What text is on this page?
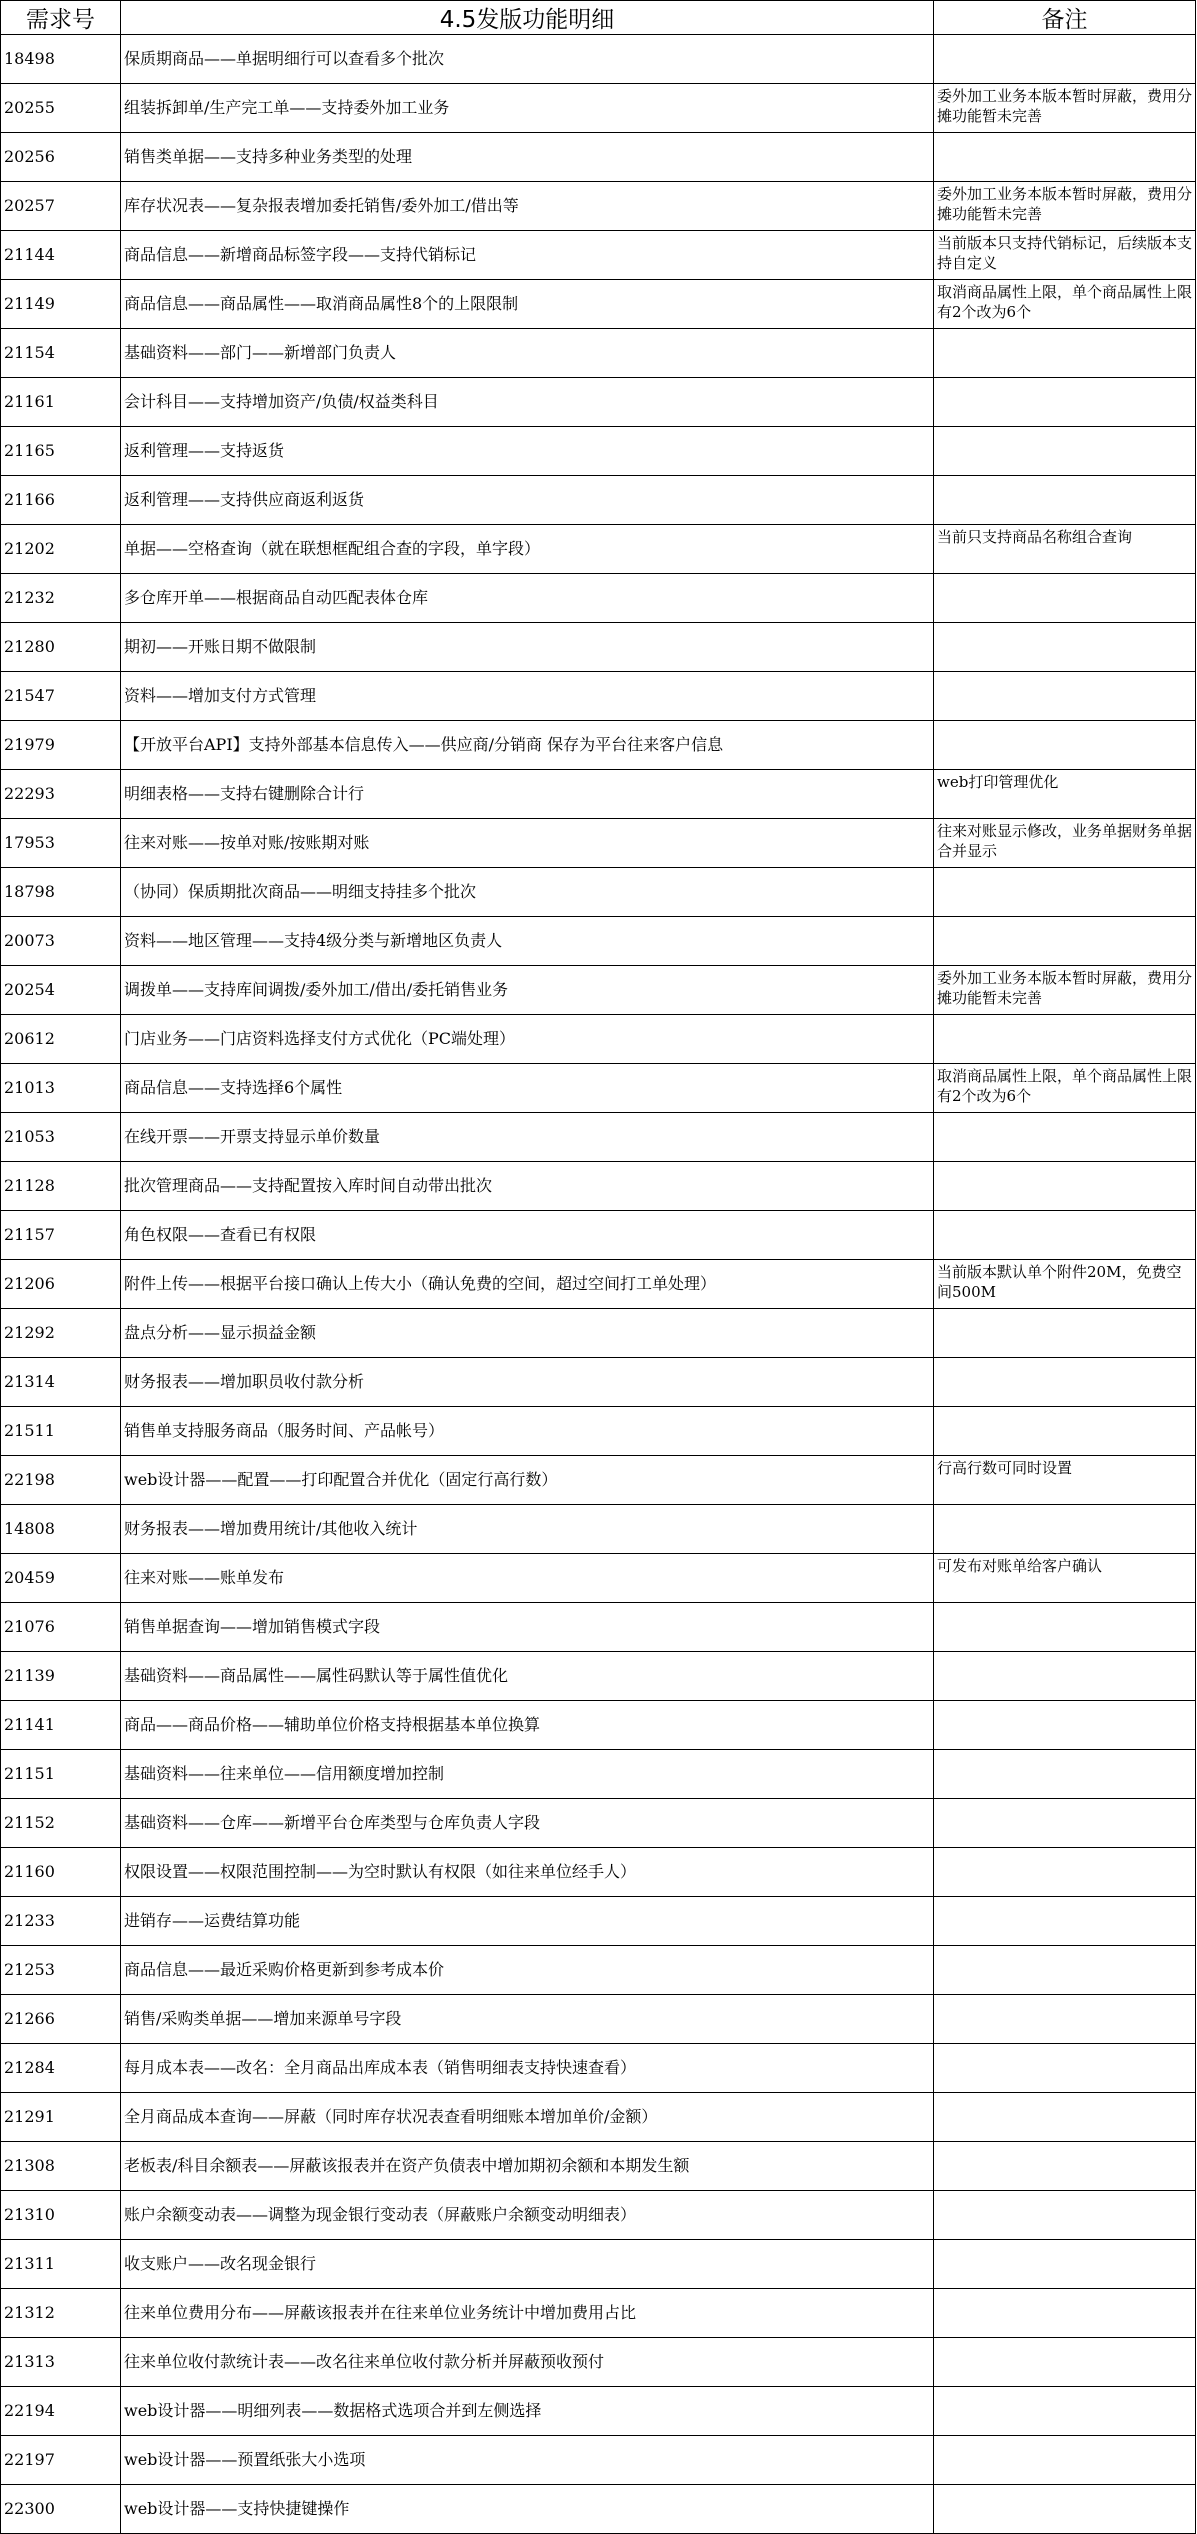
需求号	4.5发版功能明细	备注
18498	保质期商品——单据明细行可以查看多个批次	
20255	组装拆卸单/生产完工单——支持委外加工业务	委外加工业务本版本暂时屏蔽，费用分摊功能暂未完善
20256	销售类单据——支持多种业务类型的处理	
20257	库存状况表——复杂报表增加委托销售/委外加工/借出等	委外加工业务本版本暂时屏蔽，费用分摊功能暂未完善
21144	商品信息——新增商品标签字段——支持代销标记	当前版本只支持代销标记，后续版本支持自定义
21149	商品信息——商品属性——取消商品属性8个的上限限制	取消商品属性上限，单个商品属性上限有2个改为6个
21154	基础资料——部门——新增部门负责人	
21161	会计科目——支持增加资产/负债/权益类科目	
21165	返利管理——支持返货	
21166	返利管理——支持供应商返利返货	
21202	单据——空格查询（就在联想框配组合查的字段，单字段）	当前只支持商品名称组合查询
21232	多仓库开单——根据商品自动匹配表体仓库	
21280	期初——开账日期不做限制	
21547	资料——增加支付方式管理	
21979	【开放平台API】支持外部基本信息传入——供应商/分销商 保存为平台往来客户信息	
22293	明细表格——支持右键删除合计行	web打印管理优化
17953	往来对账——按单对账/按账期对账	往来对账显示修改，业务单据财务单据合并显示
18798	（协同）保质期批次商品——明细支持挂多个批次	
20073	资料——地区管理——支持4级分类与新增地区负责人	
20254	调拨单——支持库间调拨/委外加工/借出/委托销售业务	委外加工业务本版本暂时屏蔽，费用分摊功能暂未完善
20612	门店业务——门店资料选择支付方式优化（PC端处理）	
21013	商品信息——支持选择6个属性	取消商品属性上限，单个商品属性上限有2个改为6个
21053	在线开票——开票支持显示单价数量	
21128	批次管理商品——支持配置按入库时间自动带出批次	
21157	角色权限——查看已有权限	
21206	附件上传——根据平台接口确认上传大小（确认免费的空间，超过空间打工单处理）	当前版本默认单个附件20M，免费空间500M
21292	盘点分析——显示损益金额	
21314	财务报表——增加职员收付款分析	
21511	销售单支持服务商品（服务时间、产品帐号）	
22198	web设计器——配置——打印配置合并优化（固定行高行数）	行高行数可同时设置
14808	财务报表——增加费用统计/其他收入统计	
20459	往来对账——账单发布	可发布对账单给客户确认
21076	销售单据查询——增加销售模式字段	
21139	基础资料——商品属性——属性码默认等于属性值优化	
21141	商品——商品价格——辅助单位价格支持根据基本单位换算	
21151	基础资料——往来单位——信用额度增加控制	
21152	基础资料——仓库——新增平台仓库类型与仓库负责人字段	
21160	权限设置——权限范围控制——为空时默认有权限（如往来单位经手人）	
21233	进销存——运费结算功能	
21253	商品信息——最近采购价格更新到参考成本价	
21266	销售/采购类单据——增加来源单号字段	
21284	每月成本表——改名：全月商品出库成本表（销售明细表支持快速查看）	
21291	全月商品成本查询——屏蔽（同时库存状况表查看明细账本增加单价/金额）	
21308	老板表/科目余额表——屏蔽该报表并在资产负债表中增加期初余额和本期发生额	
21310	账户余额变动表——调整为现金银行变动表（屏蔽账户余额变动明细表）	
21311	收支账户——改名现金银行	
21312	往来单位费用分布——屏蔽该报表并在往来单位业务统计中增加费用占比	
21313	往来单位收付款统计表——改名往来单位收付款分析并屏蔽预收预付	
22194	web设计器——明细列表——数据格式选项合并到左侧选择	
22197	web设计器——预置纸张大小选项	
22300	web设计器——支持快捷键操作	
